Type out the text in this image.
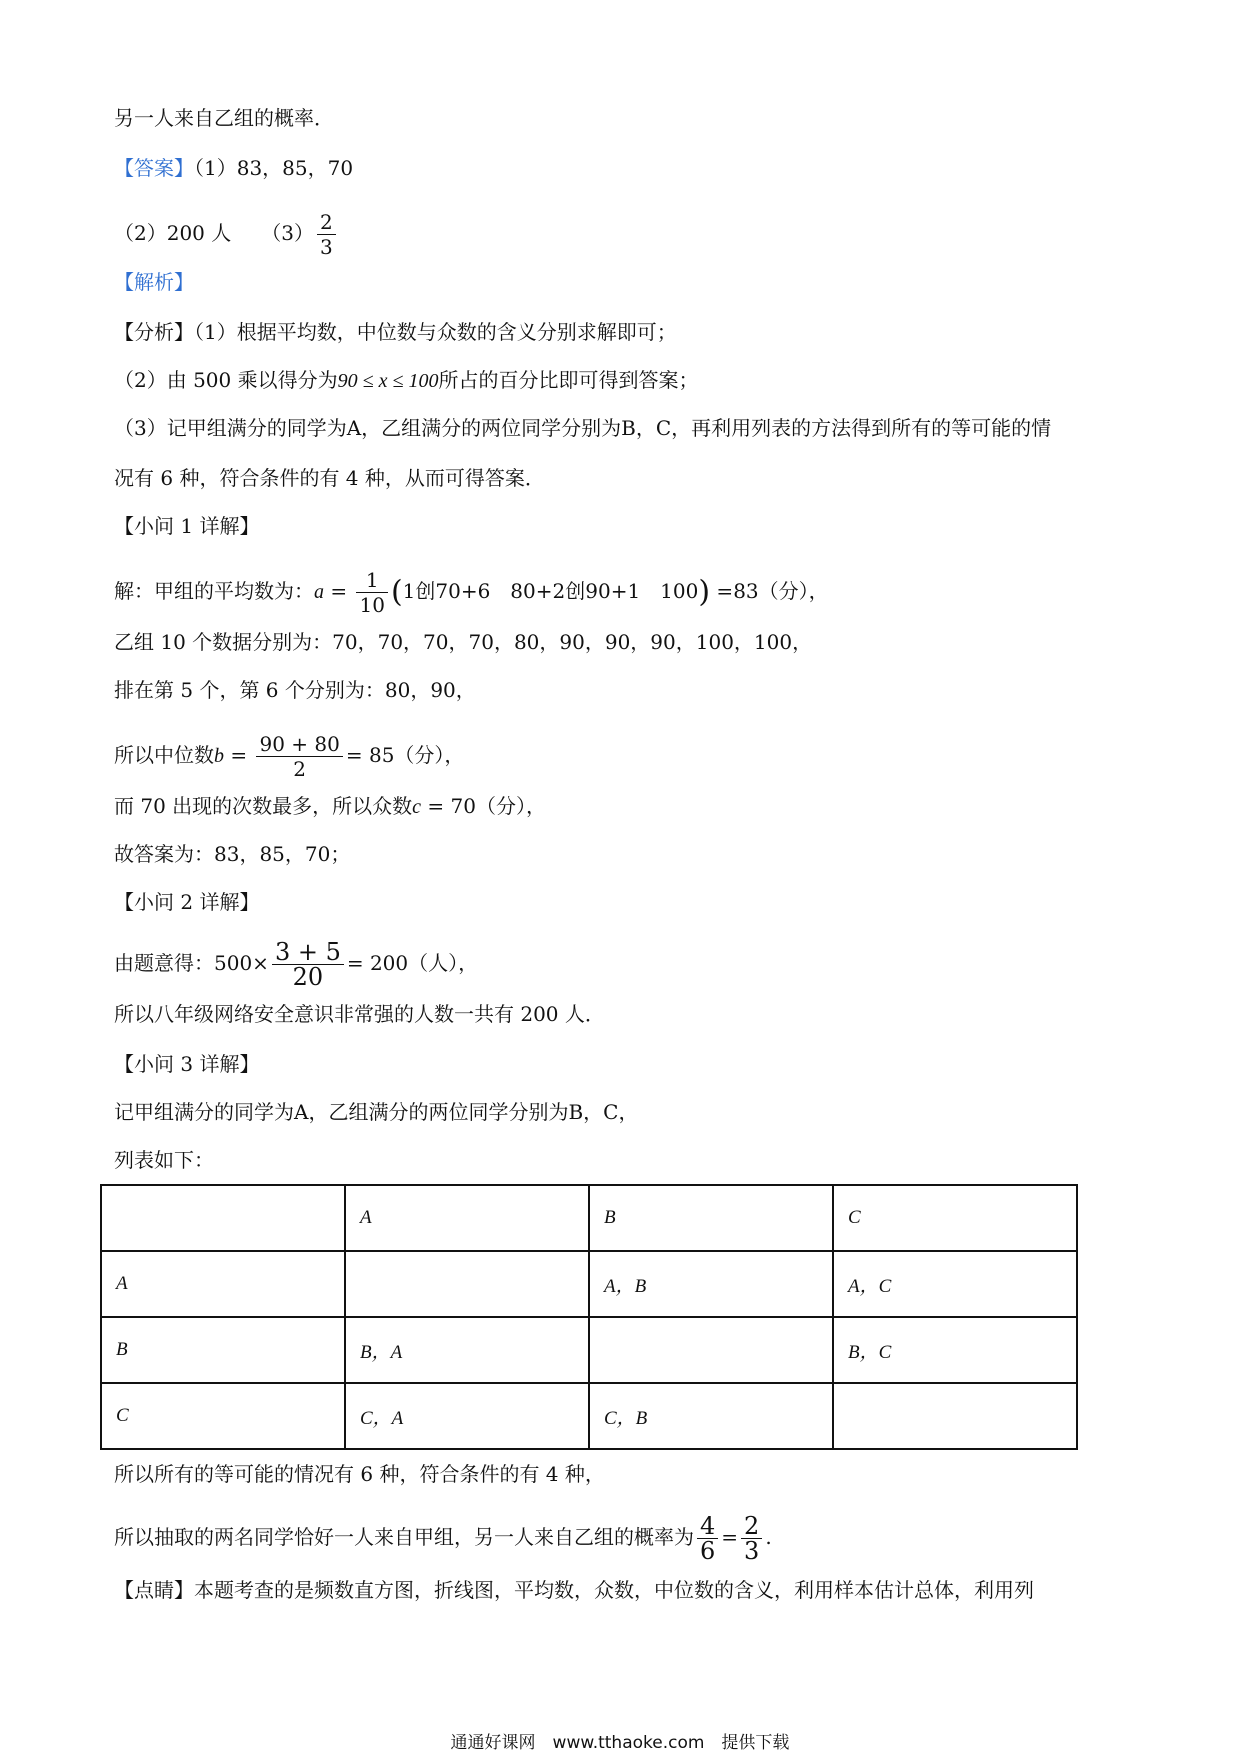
另一人来自乙组的概率．
【答案】（1）83，85，70
（2）200 人　　 $(3) \frac{2}{3}$
【解析】
【分析】（1）根据平均数，中位数与众数的含义分别求解即可；
（2）由 500 乘以得分为90 ≤ x ≤ 100所占的百分比即可得到答案；
（3）记甲组满分的同学为A，乙组满分的两位同学分别为B，C，再利用列表的方法得到所有的等可能的情
况有 6 种，符合条件的有 4 种，从而可得答案．
【小问 1 详解】
解：甲组的平均数为：$a = \frac{1}{10} (1$创70+6　80+2创90+1　100) =83（分），
乙组 10 个数据分别为：70，70，70，70，80，90，90，90，100，100，
排在第 5 个，第 6 个分别为：80，90，
所以中位数$b = \frac{90 + 80}{2} = 85$（分），
而 70 出现的次数最多，所以众数c = 70（分），
故答案为：83，85，70；
【小问 2 详解】
由题意得：$500\times \frac{3 + 5}{20} = 200$（人），
所以八年级网络安全意识非常强的人数一共有 200 人．
【小问 3 详解】
记甲组满分的同学为A，乙组满分的两位同学分别为B，C，
列表如下：
	A	B	C
A		A，B	A，C
B	B，A		B，C
C	C，A	C，B	
所以所有的等可能的情况有 6 种，符合条件的有 4 种，
所以抽取的两名同学恰好一人来自甲组，另一人来自乙组的概率为 $\frac{4}{6} = \frac{2}{3}$ .
【点睛】本题考查的是频数直方图，折线图，平均数，众数，中位数的含义，利用样本估计总体，利用列
通通好课网　www.tthaoke.com　提供下载
